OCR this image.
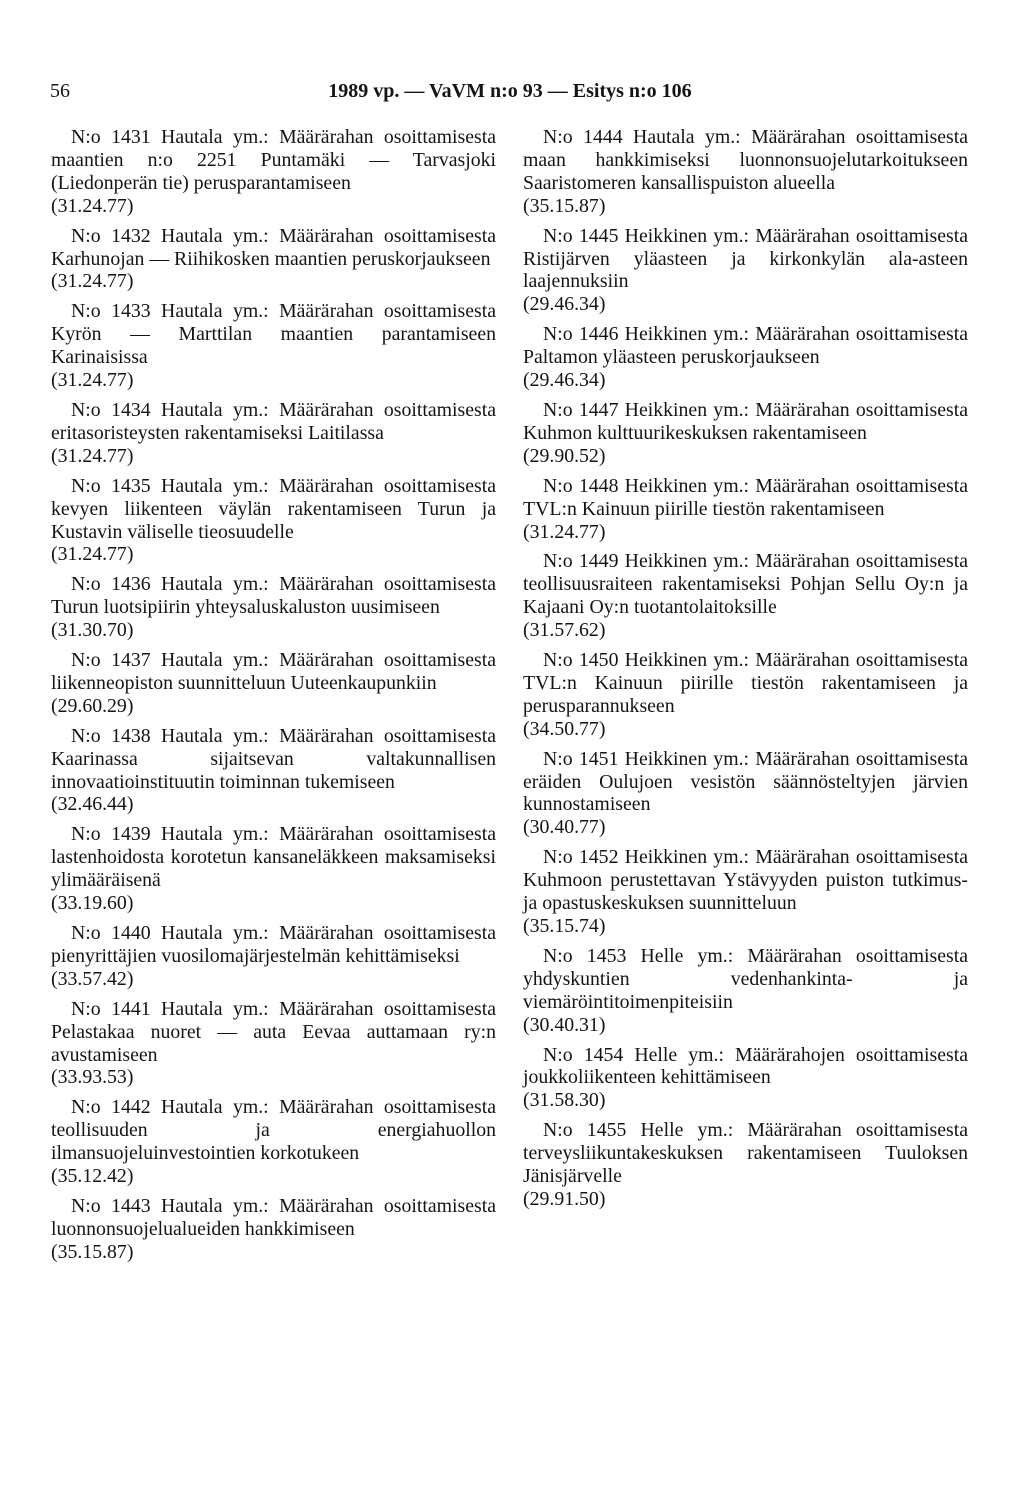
56	1989 vp. — VaVM n:o 93 — Esitys n:o 106
N:o 1431 Hautala ym.: Määrärahan osoittamisesta maantien n:o 2251 Puntamäki — Tarvasjoki (Liedonperän tie) perusparantamiseen
(31.24.77)
N:o 1432 Hautala ym.: Määrärahan osoittamisesta Karhunojan — Riihikosken maantien peruskorjaukseen
(31.24.77)
N:o 1433 Hautala ym.: Määrärahan osoittamisesta Kyrön — Marttilan maantien parantamiseen Karinaisissa
(31.24.77)
N:o 1434 Hautala ym.: Määrärahan osoittamisesta eritasoristeysten rakentamiseksi Laitilassa
(31.24.77)
N:o 1435 Hautala ym.: Määrärahan osoittamisesta kevyen liikenteen väylän rakentamiseen Turun ja Kustavin väliselle tieosuudelle
(31.24.77)
N:o 1436 Hautala ym.: Määrärahan osoittamisesta Turun luotsipiirin yhteysaluskaluston uusimiseen
(31.30.70)
N:o 1437 Hautala ym.: Määrärahan osoittamisesta liikenneopiston suunnitteluun Uuteenkaupunkiin
(29.60.29)
N:o 1438 Hautala ym.: Määrärahan osoittamisesta Kaarinassa sijaitsevan valtakunnallisen innovaatioinstituutin toiminnan tukemiseen
(32.46.44)
N:o 1439 Hautala ym.: Määrärahan osoittamisesta lastenhoidosta korotetun kansaneläkkeen maksamiseksi ylimääräisenä
(33.19.60)
N:o 1440 Hautala ym.: Määrärahan osoittamisesta pienyrittäjien vuosilomajärjestelmän kehittämiseksi
(33.57.42)
N:o 1441 Hautala ym.: Määrärahan osoittamisesta Pelastakaa nuoret — auta Eevaa auttamaan ry:n avustamiseen
(33.93.53)
N:o 1442 Hautala ym.: Määrärahan osoittamisesta teollisuuden ja energiahuollon ilmansuojeluinvestointien korkotukeen
(35.12.42)
N:o 1443 Hautala ym.: Määrärahan osoittamisesta luonnonsuojelualueiden hankkimiseen
(35.15.87)
N:o 1444 Hautala ym.: Määrärahan osoittamisesta maan hankkimiseksi luonnonsuojelutarkoitukseen Saaristomeren kansallispuiston alueella
(35.15.87)
N:o 1445 Heikkinen ym.: Määrärahan osoittamisesta Ristijärven yläasteen ja kirkonkylän ala-asteen laajennuksiin
(29.46.34)
N:o 1446 Heikkinen ym.: Määrärahan osoittamisesta Paltamon yläasteen peruskorjaukseen
(29.46.34)
N:o 1447 Heikkinen ym.: Määrärahan osoittamisesta Kuhmon kulttuurikeskuksen rakentamiseen
(29.90.52)
N:o 1448 Heikkinen ym.: Määrärahan osoittamisesta TVL:n Kainuun piirille tiestön rakentamiseen
(31.24.77)
N:o 1449 Heikkinen ym.: Määrärahan osoittamisesta teollisuusraiteen rakentamiseksi Pohjan Sellu Oy:n ja Kajaani Oy:n tuotantolaitoksille
(31.57.62)
N:o 1450 Heikkinen ym.: Määrärahan osoittamisesta TVL:n Kainuun piirille tiestön rakentamiseen ja perusparannukseen
(34.50.77)
N:o 1451 Heikkinen ym.: Määrärahan osoittamisesta eräiden Oulujoen vesistön säännösteltyjen järvien kunnostamiseen
(30.40.77)
N:o 1452 Heikkinen ym.: Määrärahan osoittamisesta Kuhmoon perustettavan Ystävyyden puiston tutkimus- ja opastuskeskuksen suunnitteluun
(35.15.74)
N:o 1453 Helle ym.: Määrärahan osoittamisesta yhdyskuntien vedenhankinta- ja viemäröintitoimenpiteisiin
(30.40.31)
N:o 1454 Helle ym.: Määrärahojen osoittamisesta joukkoliikenteen kehittämiseen
(31.58.30)
N:o 1455 Helle ym.: Määrärahan osoittamisesta terveysliikuntakeskuksen rakentamiseen Tuuloksen Jänisjärvelle
(29.91.50)
